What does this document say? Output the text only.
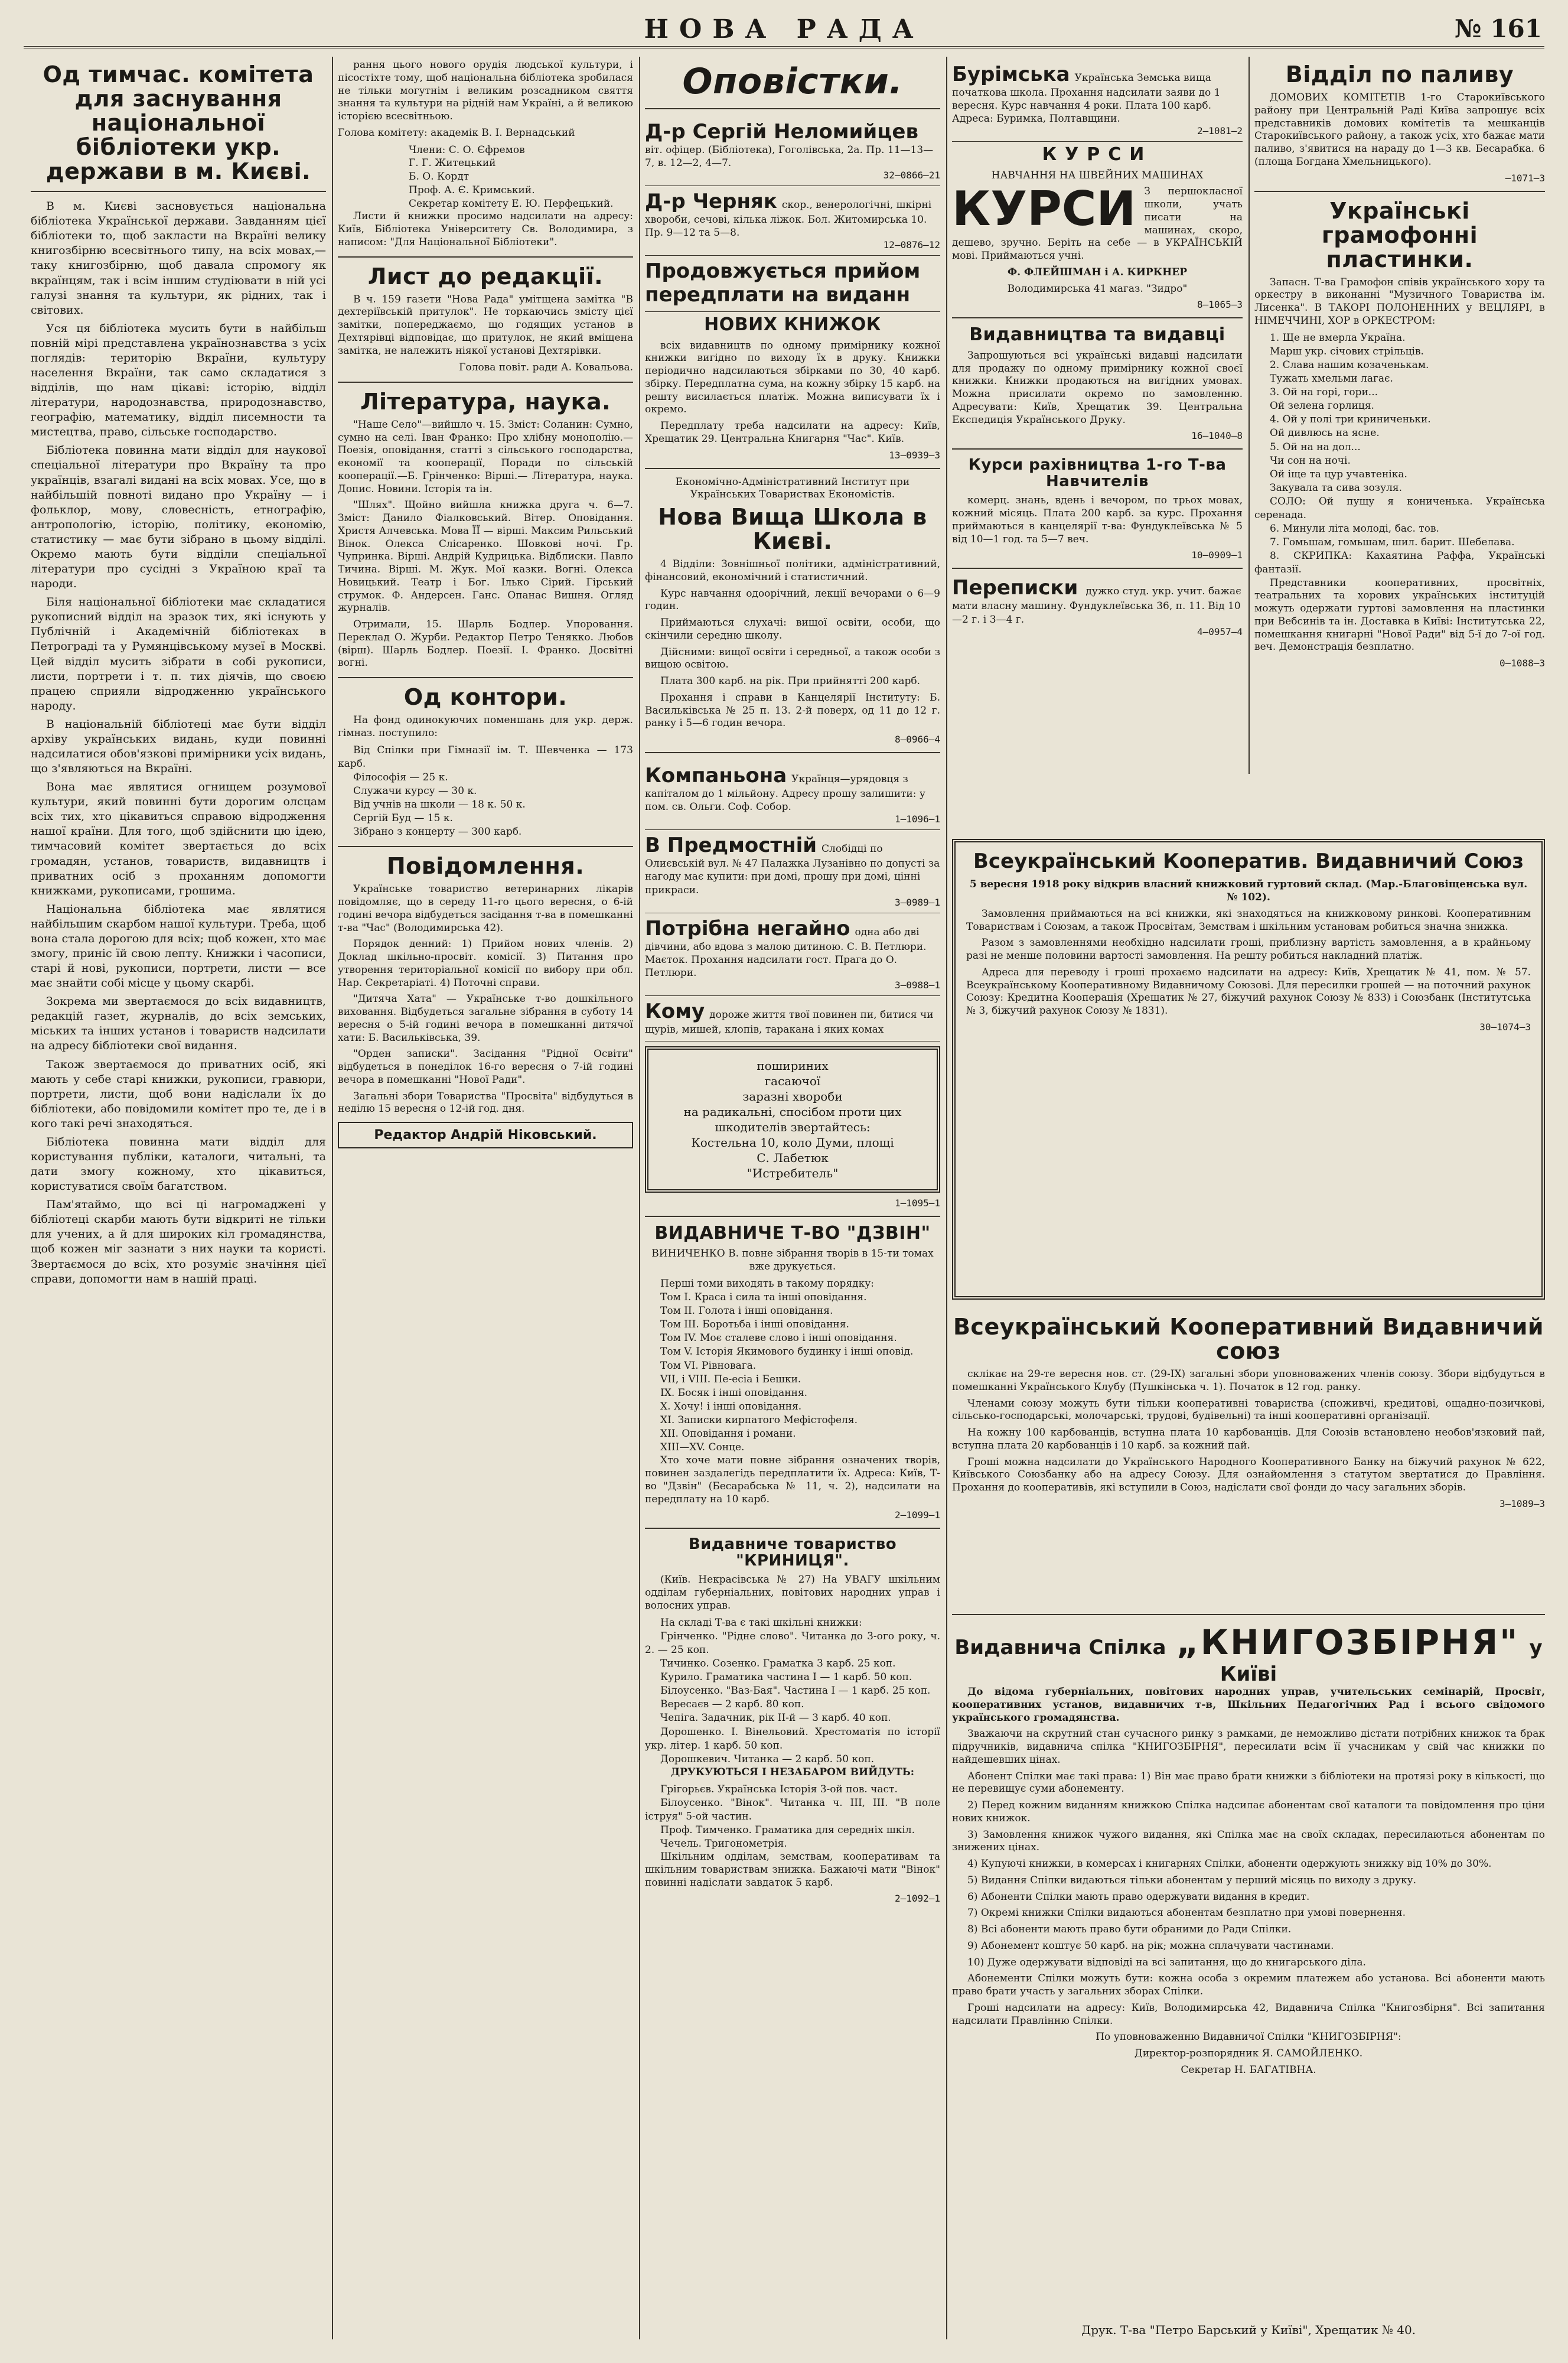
НОВА РАДА	№ 161
Од тимчас. комітета для заснування національної бібліотеки укр. держави в м. Києві.

В м. Києві засновується національна бібліотека Української держави. Завданням цієї бібліотеки то, щоб закласти на Вкраїні велику книгозбірню всесвітнього типу, на всіх мовах,—таку книгозбірню, щоб давала спромогу як вкраїнцям, так і всім іншим студіювати в ній усі галузі знання та культури, як рідних, так і світових.

Уся ця бібліотека мусить бути в найбільш повній мірі представлена українознавства з усіх поглядів: територію Вкраїни, культуру населення Вкраїни, так само складатися з відділів, що нам цікаві: історію, відділ літератури, народознавства, природознавство, географію, математику, відділ писемности та мистецтва, право, сільське господарство.

Бібліотека повинна мати відділ для наукової спеціальної літератури про Вкраїну та про українців, взагалі видані на всіх мовах. Усе, що в найбільшій повноті видано про Україну — і фольклор, мову, словесність, етнографію, антропологію, історію, політику, економію, статистику — має бути зібрано в цьому відділі. Окремо мають бути відділи спеціальної літератури про сусідні з Україною краї та народи.

Біля національної бібліотеки має складатися рукописний відділ на зразок тих, які існують у Публічній і Академічній бібліотеках в Петрограді та у Румянцівському музеї в Москві. Цей відділ мусить зібрати в собі рукописи, листи, портрети і т. п. тих діячів, що своєю працею сприяли відродженню українського народу.

В національній бібліотеці має бути відділ архіву українських видань, куди повинні надсилатися обов'язкові примірники усіх видань, що з'являються на Вкраїні.

Вона має являтися огнищем розумової культури, який повинні бути дорогим олсцам всіх тих, хто цікавиться справою відродження нашої країни. Для того, щоб здійснити цю ідею, тимчасовий комітет звертається до всіх громадян, установ, товариств, видавництв і приватних осіб з проханням допомогти книжками, рукописами, грошима.

Національна бібліотека має являтися найбільшим скарбом нашої культури. Треба, щоб вона стала дорогою для всіх; щоб кожен, хто має змогу, приніс їй свою лепту. Книжки і часописи, старі й нові, рукописи, портрети, листи — все має знайти собі місце у цьому скарбі.

Зокрема ми звертаємося до всіх видавництв, редакцій газет, журналів, до всіх земських, міських та інших установ і товариств надсилати на адресу бібліотеки свої видання.

Також звертаємося до приватних осіб, які мають у себе старі книжки, рукописи, гравюри, портрети, листи, щоб вони надіслали їх до бібліотеки, або повідомили комітет про те, де і в кого такі речі знаходяться.

Бібліотека повинна мати відділ для користування публіки, каталоги, читальні, та дати змогу кожному, хто цікавиться, користуватися своїм багатством.

Пам'ятаймо, що всі ці нагромаджені у бібліотеці скарби мають бути відкриті не тільки для учених, а й для широких кіл громадянства, щоб кожен міг зазнати з них науки та користі. Звертаємося до всіх, хто розуміє значіння цієї справи, допомогти нам в нашій праці.

рання цього нового орудія людської культури, і пісостіхте тому, щоб національна бібліотека зробилася не тільки могутнім і великим розсадником свяття знання та культури на рідній нам Україні, а й великою історією всесвітньою.

Голова комітету: академік В. І. Вернадський

Члени: С. О. Єфремов
Г. Г. Житецький
Б. О. Кордт
Проф. А. Є. Кримський.
Секретар комітету Е. Ю. Перфецький.

Листи й книжки просимо надсилати на адресу: Київ, Бібліотека Університету Св. Володимира, з написом: "Для Національної Бібліотеки".

Лист до редакції.

В ч. 159 газети "Нова Рада" умітщена замітка "В дехтеріївській притулок". Не торкаючись змісту цієї замітки, попереджаємо, що годящих установ в Дехтярівці відповідає, що притулок, не який вміщена замітка, не належить ніякої установі Дехтярівки.

Голова повіт. ради А. Ковальова.

Література, наука.

"Наше Село"—вийшло ч. 15. Зміст: Соланин: Сумно, сумно на селі. Іван Франко: Про хлібну монополію.— Поезія, оповідання, статті з сільського господарства, економії та кооперації, Поради по сільській кооперації.—Б. Грінченко: Вірші.— Література, наука. Допис. Новини. Історія та ін.

"Шлях". Щойно вийшла книжка друга ч. 6—7. Зміст: Данило Фіалковський. Вітер. Оповідання. Христя Алчевська. Мова ЇЇ — вірші. Максим Рильський Вінок. Олекса Слісаренко. Шовкові ночі. Гр. Чупринка. Вірші. Андрій Кудрицька. Відблиски. Павло Тичина. Вірші. М. Жук. Мої казки. Вогні. Олекса Новицький. Театр і Бог. Ілько Сірий. Гірський струмок. Ф. Андерсен. Ганс. Опанас Вишня. Огляд журналів.

Отримали, 15. Шарль Бодлер. Упоровання. Переклад О. Журби. Редактор Петро Тенякко. Любов (вірш). Шарль Бодлер. Поезії. І. Франко. Досвітні вогні.

Од контори.

На фонд одинокуючих поменшань для укр. держ. гімназ. поступило:

Від Спілки при Гімназії ім. Т. Шевченка — 173 карб.

Філософія — 25 к.

Служачи курсу — 30 к.

Від учнів на школи — 18 к. 50 к.

Сергій Буд — 15 к.

Зібрано з концерту — 300 карб.

Повідомлення.

Українське товариство ветеринарних лікарів повідомляє, що в середу 11-го цього вересня, о 6-ій годині вечора відбудеться засідання т-ва в помешканні т-ва "Час" (Володимирська 42).

Порядок денний: 1) Прийом нових членів. 2) Доклад шкільно-просвіт. комісії. 3) Питання про утворення територіальної комісії по вибору при обл. Нар. Секретаріаті. 4) Поточні справи.

"Дитяча Хата" — Українське т-во дошкільного виховання. Відбудеться загальне зібрання в суботу 14 вересня о 5-ій годині вечора в помешканні дитячої хати: Б. Васильківська, 39.

"Орден записки". Засідання "Рідної Освіти" відбудеться в понеділок 16-го вересня о 7-ій годині вечора в помешканні "Нової Ради".

Загальні збори Товариства "Просвіта" відбудуться в неділю 15 вересня о 12-ій год. дня.

Редактор Андрій Ніковський.
Оповістки.
Д-р Сергій Неломийцеввіт. офіцер. (Бібліотека), Гоголівська, 2а. Пр. 11—13—7, в. 12—2, 4—7.
32—0866—21
Д-р Черняк скор., венерологічні, шкірні хвороби, сечові, кілька ліжок. Бол. Житомирська 10. Пр. 9—12 та 5—8.
12—0876—12
Продовжується прийом передплати на виданн
НОВИХ КНИЖОК

всіх видавництв по одному примірнику кожної книжки вигідно по виходу їх в друку. Книжки періодично надсилаються збірками по 30, 40 карб. збірку. Передплатна сума, на кожну збірку 15 карб. на решту висилається платіж. Можна виписувати їх і окремо.

Передплату треба надсилати на адресу: Київ, Хрещатик 29. Центральна Книгарня "Час". Київ.

13—0939—3

Економічно-Адміністративний Інститут при Українських Товариствах Економістів.

Нова Вища Школа в Києві.

4 Відділи: Зовнішньої політики, адміністративний, фінансовий, економічний і статистичний.

Курс навчання одоорічний, лекції вечорами о 6—9 годин.

Приймаються слухачі: вищої освіти, особи, що скінчили середню школу.

Дійсними: вищої освіти і середньої, а також особи з вищою освітою.

Плата 300 карб. на рік. При прийнятті 200 карб.

Прохання і справи в Канцелярії Інституту: Б. Васильківська № 25 п. 13. 2-й поверх, од 11 до 12 г. ранку і 5—6 годин вечора.

8—0966—4
Компаньона Українця—урядовця з капіталом до 1 мільйону. Адресу прошу залишити: у пом. св. Ольги. Соф. Собор.
1—1096—1
В Предмостній Слобідці по Олиєвській вул. № 47 Палажка Лузанівно по допусті за нагоду має купити: при домі, прошу при домі, цінні прикраси.
3—0989—1
Потрібна негайно одна або дві дівчини, або вдова з малою дитиною. С. В. Петлюри. Маєток. Прохання надсилати гост. Прага до О. Петлюри.
3—0988—1
Кому дороже життя твої повинен пи, битися чи щурів, мишей, клопів, таракана і яких комах
пошириних
гасаючої
заразні хвороби
на радикальні, спосібом проти цих
шкодителів звертайтесь:
Костельна 10, коло Думи, площі
С. Лабетюк
"Истребитель"
1—1095—1
ВИДАВНИЧЕ Т-ВО "ДЗВІН"

ВИНИЧЕНКО В. повне зібрання творів в 15-ти томах вже друкується.

Перші томи виходять в такому порядку:

Том I. Краса і сила та інші оповідання.

Том II. Голота і інші оповідання.

Том III. Боротьба і інші оповідання.

Том IV. Моє сталеве слово і інші оповідання.

Том V. Історія Якимового будинку і інші оповід.

Том VI. Рівновага.

VII, і VIII. Пе-есіа і Бешки.

IX. Босяк і інші оповідання.

X. Хочу! і інші оповідання.

XI. Записки кирпатого Мефістофеля.

XII. Оповідання і романи.

XIII—XV. Сонце.

Хто хоче мати повне зібрання означених творів, повинен заздалегідь передплатити їх. Адреса: Київ, Т-во "Дзвін" (Бесарабська № 11, ч. 2), надсилати на передплату на 10 карб.

2—1099—1
Видавниче товариство "КРИНИЦЯ".

(Київ. Некрасівська № 27) На УВАГУ шкільним одділам губерніальних, повітових народних управ і волосних управ.

На складі Т-ва є такі шкільні книжки:

Грінченко. "Рідне слово". Читанка до 3-ого року, ч. 2. — 25 коп.

Тичинко. Созенко. Граматка 3 карб. 25 коп.

Курило. Граматика частина I — 1 карб. 50 коп.

Білоусенко. "Ваз-Бая". Частина I — 1 карб. 25 коп.

Вересаєв — 2 карб. 80 коп.

Чепіга. Задачник, рік II-й — 3 карб. 40 коп.

Дорошенко. І. Вінельовий. Хрестоматія по історії укр. літер. 1 карб. 50 коп.

Дорошкевич. Читанка — 2 карб. 50 коп.

ДРУКУЮТЬСЯ І НЕЗАБАРОМ ВИЙДУТЬ:

Грігорьєв. Українська Історія 3-ой пов. част.

Білоусенко. "Вінок". Читанка ч. III, III. "В поле іструя" 5-ой частин.

Проф. Тимченко. Граматика для середніх шкіл.

Чечель. Тригонометрія.

Шкільним одділам, земствам, кооперативам та шкільним товариствам знижка. Бажаючі мати "Вінок" повинні надіслати завдаток 5 карб.

2—1092—1
Бурімська Українська Земська вища початкова школа. Прохання надсилати заяви до 1 вересня. Курс навчання 4 роки. Плата 100 карб. Адреса: Буримка, Полтавщини.
2—1081—2
КУРСИ

НАВЧАННЯ НА ШВЕЙНИХ МАШИНАХ

КУРСИ З першокласної школи, учать писати на машинах, скоро, дешево, зручно. Беріть на себе — в УКРАЇНСЬКІЙ мові. Приймаються учні.

Ф. ФЛЕЙШМАН і А. КИРКНЕР

Володимирська 41 магаз. "Зидро"

8—1065—3
Видавництва та видавці

Запрошуються всі українські видавці надсилати для продажу по одному примірнику кожної своєї книжки. Книжки продаються на вигідних умовах. Можна присилати окремо по замовленню. Адресувати: Київ, Хрещатик 39. Центральна Експедиція Українського Друку.

16—1040—8
Курси рахівництва 1-го Т-ва Навчителів

комерц. знань, вдень і вечором, по трьох мовах, кожний місяць. Плата 200 карб. за курс. Прохання приймаються в канцелярії т-ва: Фундуклеївська № 5 від 10—1 год. та 5—7 веч.

10—0909—1
Переписки дужко студ. укр. учит. бажає мати власну машину. Фундуклеївська 36, п. 11. Від 10—2 г. і 3—4 г.
4—0957—4
Відділ по паливу

ДОМОВИХ КОМІТЕТІВ 1-го Старокиївського району при Центральній Раді Київа запрошує всіх представників домових комітетів та мешканців Старокиївського району, а також усіх, хто бажає мати паливо, з'явитися на нараду до 1—3 кв. Бесарабка. 6 (площа Богдана Хмельницького).

—1071—3
Українські грамофонні пластинки.

Запасн. Т-ва Грамофон співів українського хору та оркестру в виконанні "Музичного Товариства ім. Лисенка". В ТАКОРІ ПОЛОНЕННИХ у ВЕЦЛЯРІ, в НІМЕЧЧИНІ, ХОР в ОРКЕСТРОМ:

1. Ще не вмерла Україна.

Марш укр. січових стрільців.

2. Слава нашим козаченькам.

Тужать хмельми лагає.

3. Ой на горі, гори...

Ой зелена горлиця.

4. Ой у полі три криниченьки.

Ой дивлюсь на ясне.

5. Ой на на дол...

Чи сон на ночі.

Ой іще та цур учавтеніка.

Закувала та сива зозуля.

СОЛО: Ой пущу я кониченька. Українська серенада.

6. Минули літа молоді, бас. тов.

7. Гомьшам, гомьшам, шил. барит. Шебелава.

8. СКРИПКА: Кахаятина Раффа, Українські фантазії.

Представники кооперативних, просвітніх, театральних та хорових українських інституцій можуть одержати гуртові замовлення на пластинки при Вебсинів та ін. Доставка в Київі: Інститутська 22, помешкання книгарні "Нової Ради" від 5-ї до 7-ої год. веч. Демонстрація безплатно.

0—1088—3
Всеукраїнський Кооператив. Видавничий Союз

5 вересня 1918 року відкрив власний книжковий гуртовий склад. (Мар.-Благовіщенська вул. № 102).

Замовлення приймаються на всі книжки, які знаходяться на книжковому ринкові. Кооперативним Товариствам і Союзам, а також Просвітам, Земствам і шкільним установам робиться значна знижка.

Разом з замовленнями необхідно надсилати гроші, приблизну вартість замовлення, а в крайньому разі не менше половини вартості замовлення. На решту робиться накладний платіж.

Адреса для переводу і гроші прохаємо надсилати на адресу: Київ, Хрещатик № 41, пом. № 57. Всеукраїнському Кооперативному Видавничому Союзові. Для пересилки грошей — на поточний рахунок Союзу: Кредитна Кооперація (Хрещатик № 27, біжучий рахунок Союзу № 833) і Союзбанк (Інститутська № 3, біжучий рахунок Союзу № 1831).

30—1074—3
Всеукраїнський Кооперативний Видавничий союз

склікає на 29-те вересня нов. ст. (29-IX) загальні збори уповноважених членів союзу. Збори відбудуться в помешканні Українського Клубу (Пушкінська ч. 1). Початок в 12 год. ранку.

Членами союзу можуть бути тільки кооперативні товариства (споживчі, кредитові, ощадно-позичкові, сільсько-господарські, молочарські, трудові, будівельні) та інші кооперативні організації.

На кожну 100 карбованців, вступна плата 10 карбованців. Для Союзів встановлено необов'язковий пай, вступна плата 20 карбованців і 10 карб. за кожний пай.

Гроші можна надсилати до Українського Народного Кооперативного Банку на біжучий рахунок № 622, Київського Союзбанку або на адресу Союзу. Для ознайомлення з статутом звертатися до Правління. Прохання до кооперативів, які вступили в Союз, надіслати свої фонди до часу загальних зборів.

3—1089—3
Видавнича Спілка „КНИГОЗБІРНЯ" у Київі

До відома губерніальних, повітових народних управ, учительських семінарій, Просвіт, кооперативних установ, видавничих т-в, Шкільних Педагогічних Рад і всього свідомого українського громадянства.

Зважаючи на скрутний стан сучасного ринку з рамками, де неможливо дістати потрібних книжок та брак підручників, видавнича спілка "КНИГОЗБІРНЯ", пересилати всім її учасникам у свій час книжки по найдешевших цінах.

Абонент Спілки має такі права: 1) Він має право брати книжки з бібліотеки на протязі року в кількості, що не перевищує суми абонементу.

2) Перед кожним виданням книжкою Спілка надсилає абонентам свої каталоги та повідомлення про ціни нових книжок.

3) Замовлення книжок чужого видання, які Спілка має на своїх складах, пересилаються абонентам по знижених цінах.

4) Купуючі книжки, в комерсах і книгарнях Спілки, абоненти одержують знижку від 10% до 30%.

5) Видання Спілки видаються тільки абонентам у перший місяць по виходу з друку.

6) Абоненти Спілки мають право одержувати видання в кредит.

7) Окремі книжки Спілки видаються абонентам безплатно при умові повернення.

8) Всі абоненти мають право бути обраними до Ради Спілки.

9) Абонемент коштує 50 карб. на рік; можна сплачувати частинами.

10) Дуже одержувати відповіді на всі запитання, що до книгарського діла.

Абонементи Спілки можуть бути: кожна особа з окремим платежем або установа. Всі абоненти мають право брати участь у загальних зборах Спілки.

Гроші надсилати на адресу: Київ, Володимирська 42, Видавнича Спілка "Книгозбірня". Всі запитання надсилати Правлінню Спілки.

По уповноваженню Видавничої Спілки "КНИГОЗБІРНЯ":

Директор-розпорядник Я. САМОЙЛЕНКО.

Секретар Н. БАГАТІВНА.

Друк. Т-ва "Петро Барський у Київі", Хрещатик № 40.
